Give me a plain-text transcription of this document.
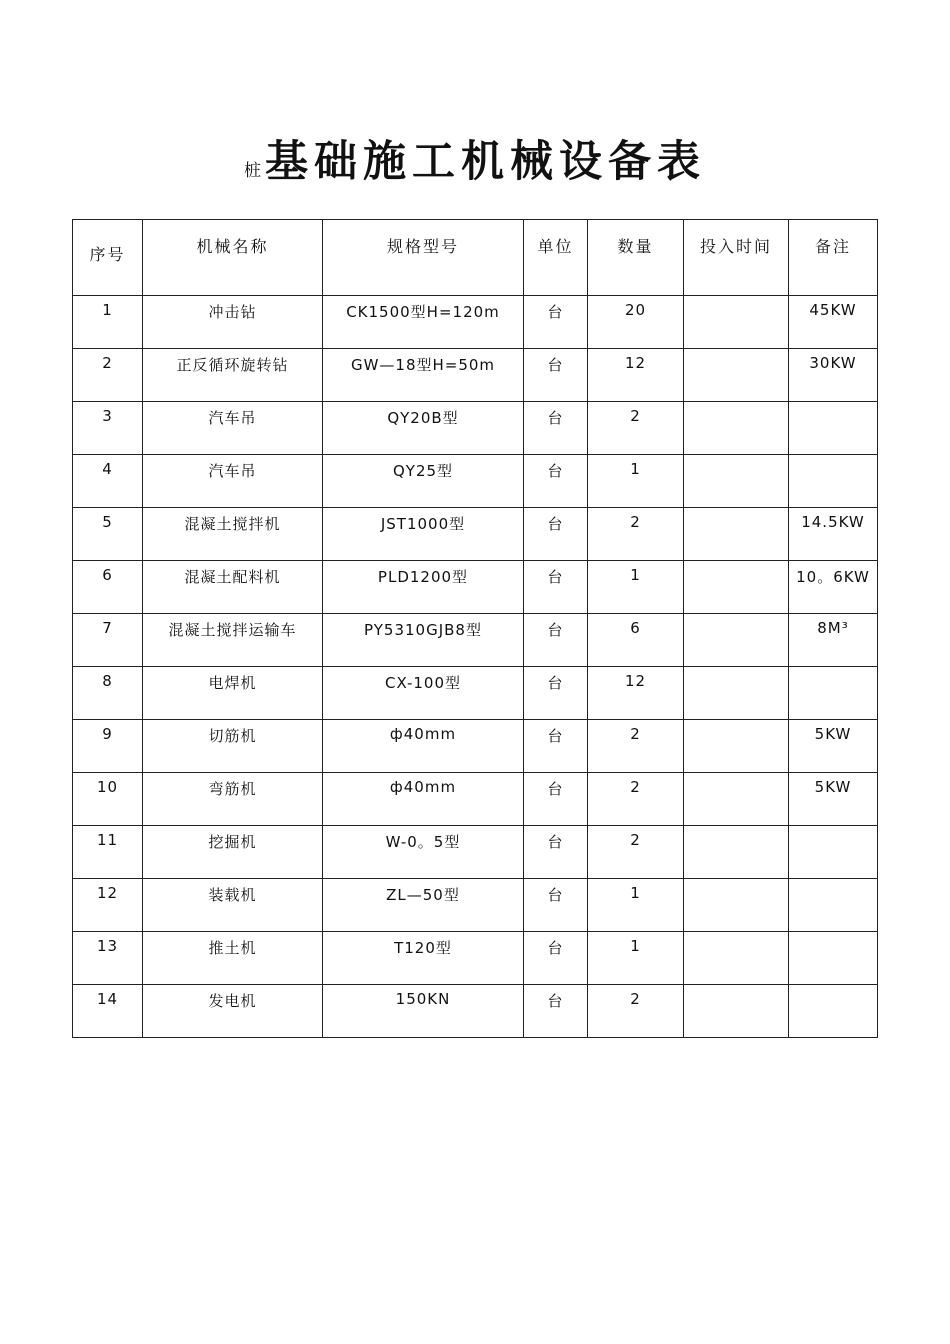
桩基础施工机械设备表
序号	机械名称	规格型号	单位	数量	投入时间	备注
1	冲击钻	CK1500型H=120m	台	20		45KW
2	正反循环旋转钻	GW—18型H=50m	台	12		30KW
3	汽车吊	QY20B型	台	2		
4	汽车吊	QY25型	台	1		
5	混凝土搅拌机	JST1000型	台	2		14.5KW
6	混凝土配料机	PLD1200型	台	1		10。6KW
7	混凝土搅拌运输车	PY5310GJB8型	台	6		8M³
8	电焊机	CX-100型	台	12		
9	切筋机	ф40mm	台	2		5KW
10	弯筋机	ф40mm	台	2		5KW
11	挖掘机	W-0。5型	台	2		
12	装载机	ZL—50型	台	1		
13	推土机	T120型	台	1		
14	发电机	150KN	台	2		
